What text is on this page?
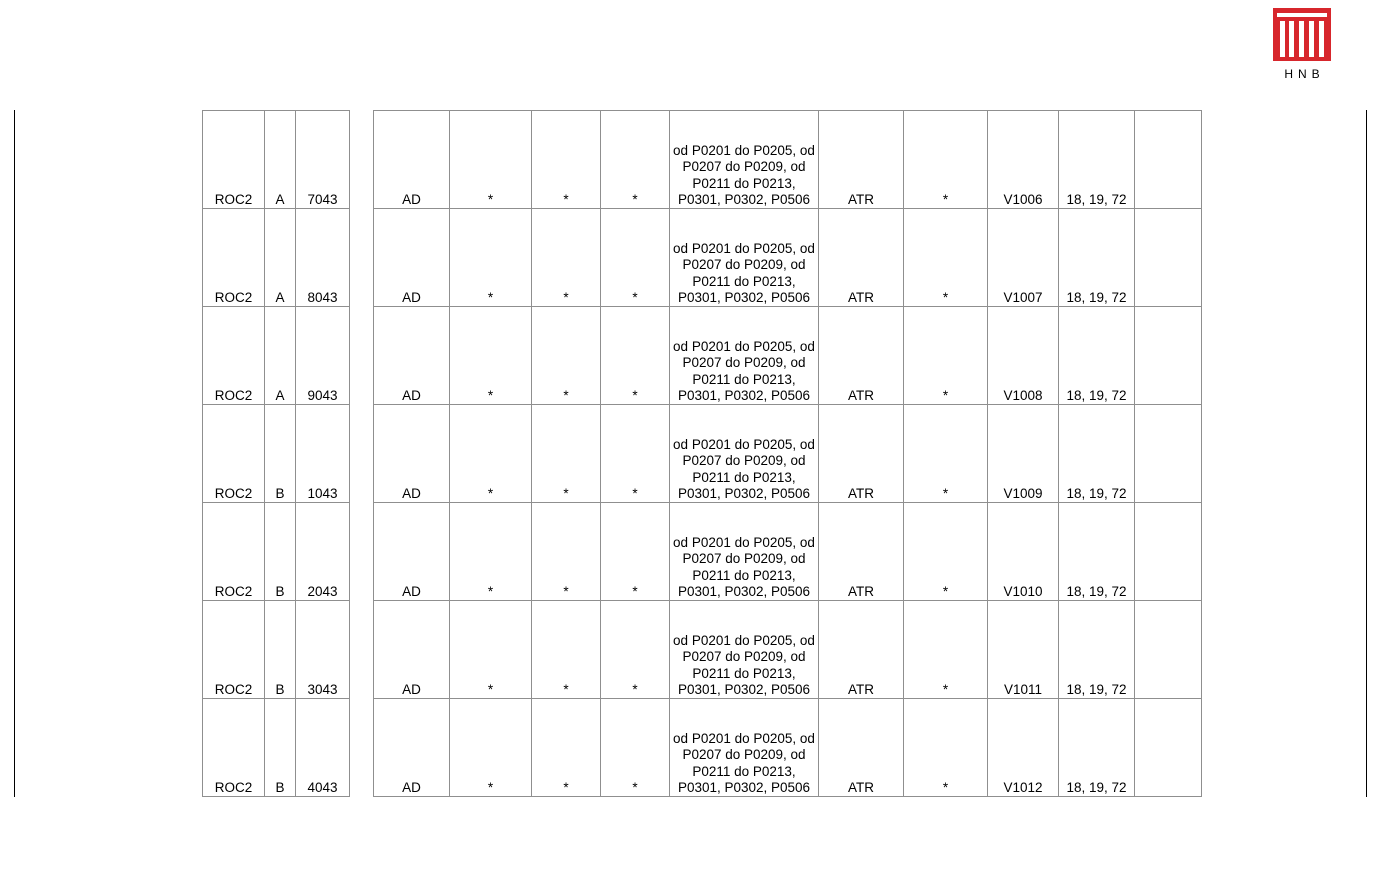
HNB
ROC2	A	7043		AD	*	*	*	od P0201 do P0205, od P0207 do P0209, od P0211 do P0213, P0301, P0302, P0506	ATR	*	V1006	18, 19, 72	
ROC2	A	8043		AD	*	*	*	od P0201 do P0205, od P0207 do P0209, od P0211 do P0213, P0301, P0302, P0506	ATR	*	V1007	18, 19, 72	
ROC2	A	9043		AD	*	*	*	od P0201 do P0205, od P0207 do P0209, od P0211 do P0213, P0301, P0302, P0506	ATR	*	V1008	18, 19, 72	
ROC2	B	1043		AD	*	*	*	od P0201 do P0205, od P0207 do P0209, od P0211 do P0213, P0301, P0302, P0506	ATR	*	V1009	18, 19, 72	
ROC2	B	2043		AD	*	*	*	od P0201 do P0205, od P0207 do P0209, od P0211 do P0213, P0301, P0302, P0506	ATR	*	V1010	18, 19, 72	
ROC2	B	3043		AD	*	*	*	od P0201 do P0205, od P0207 do P0209, od P0211 do P0213, P0301, P0302, P0506	ATR	*	V1011	18, 19, 72	
ROC2	B	4043		AD	*	*	*	od P0201 do P0205, od P0207 do P0209, od P0211 do P0213, P0301, P0302, P0506	ATR	*	V1012	18, 19, 72	
